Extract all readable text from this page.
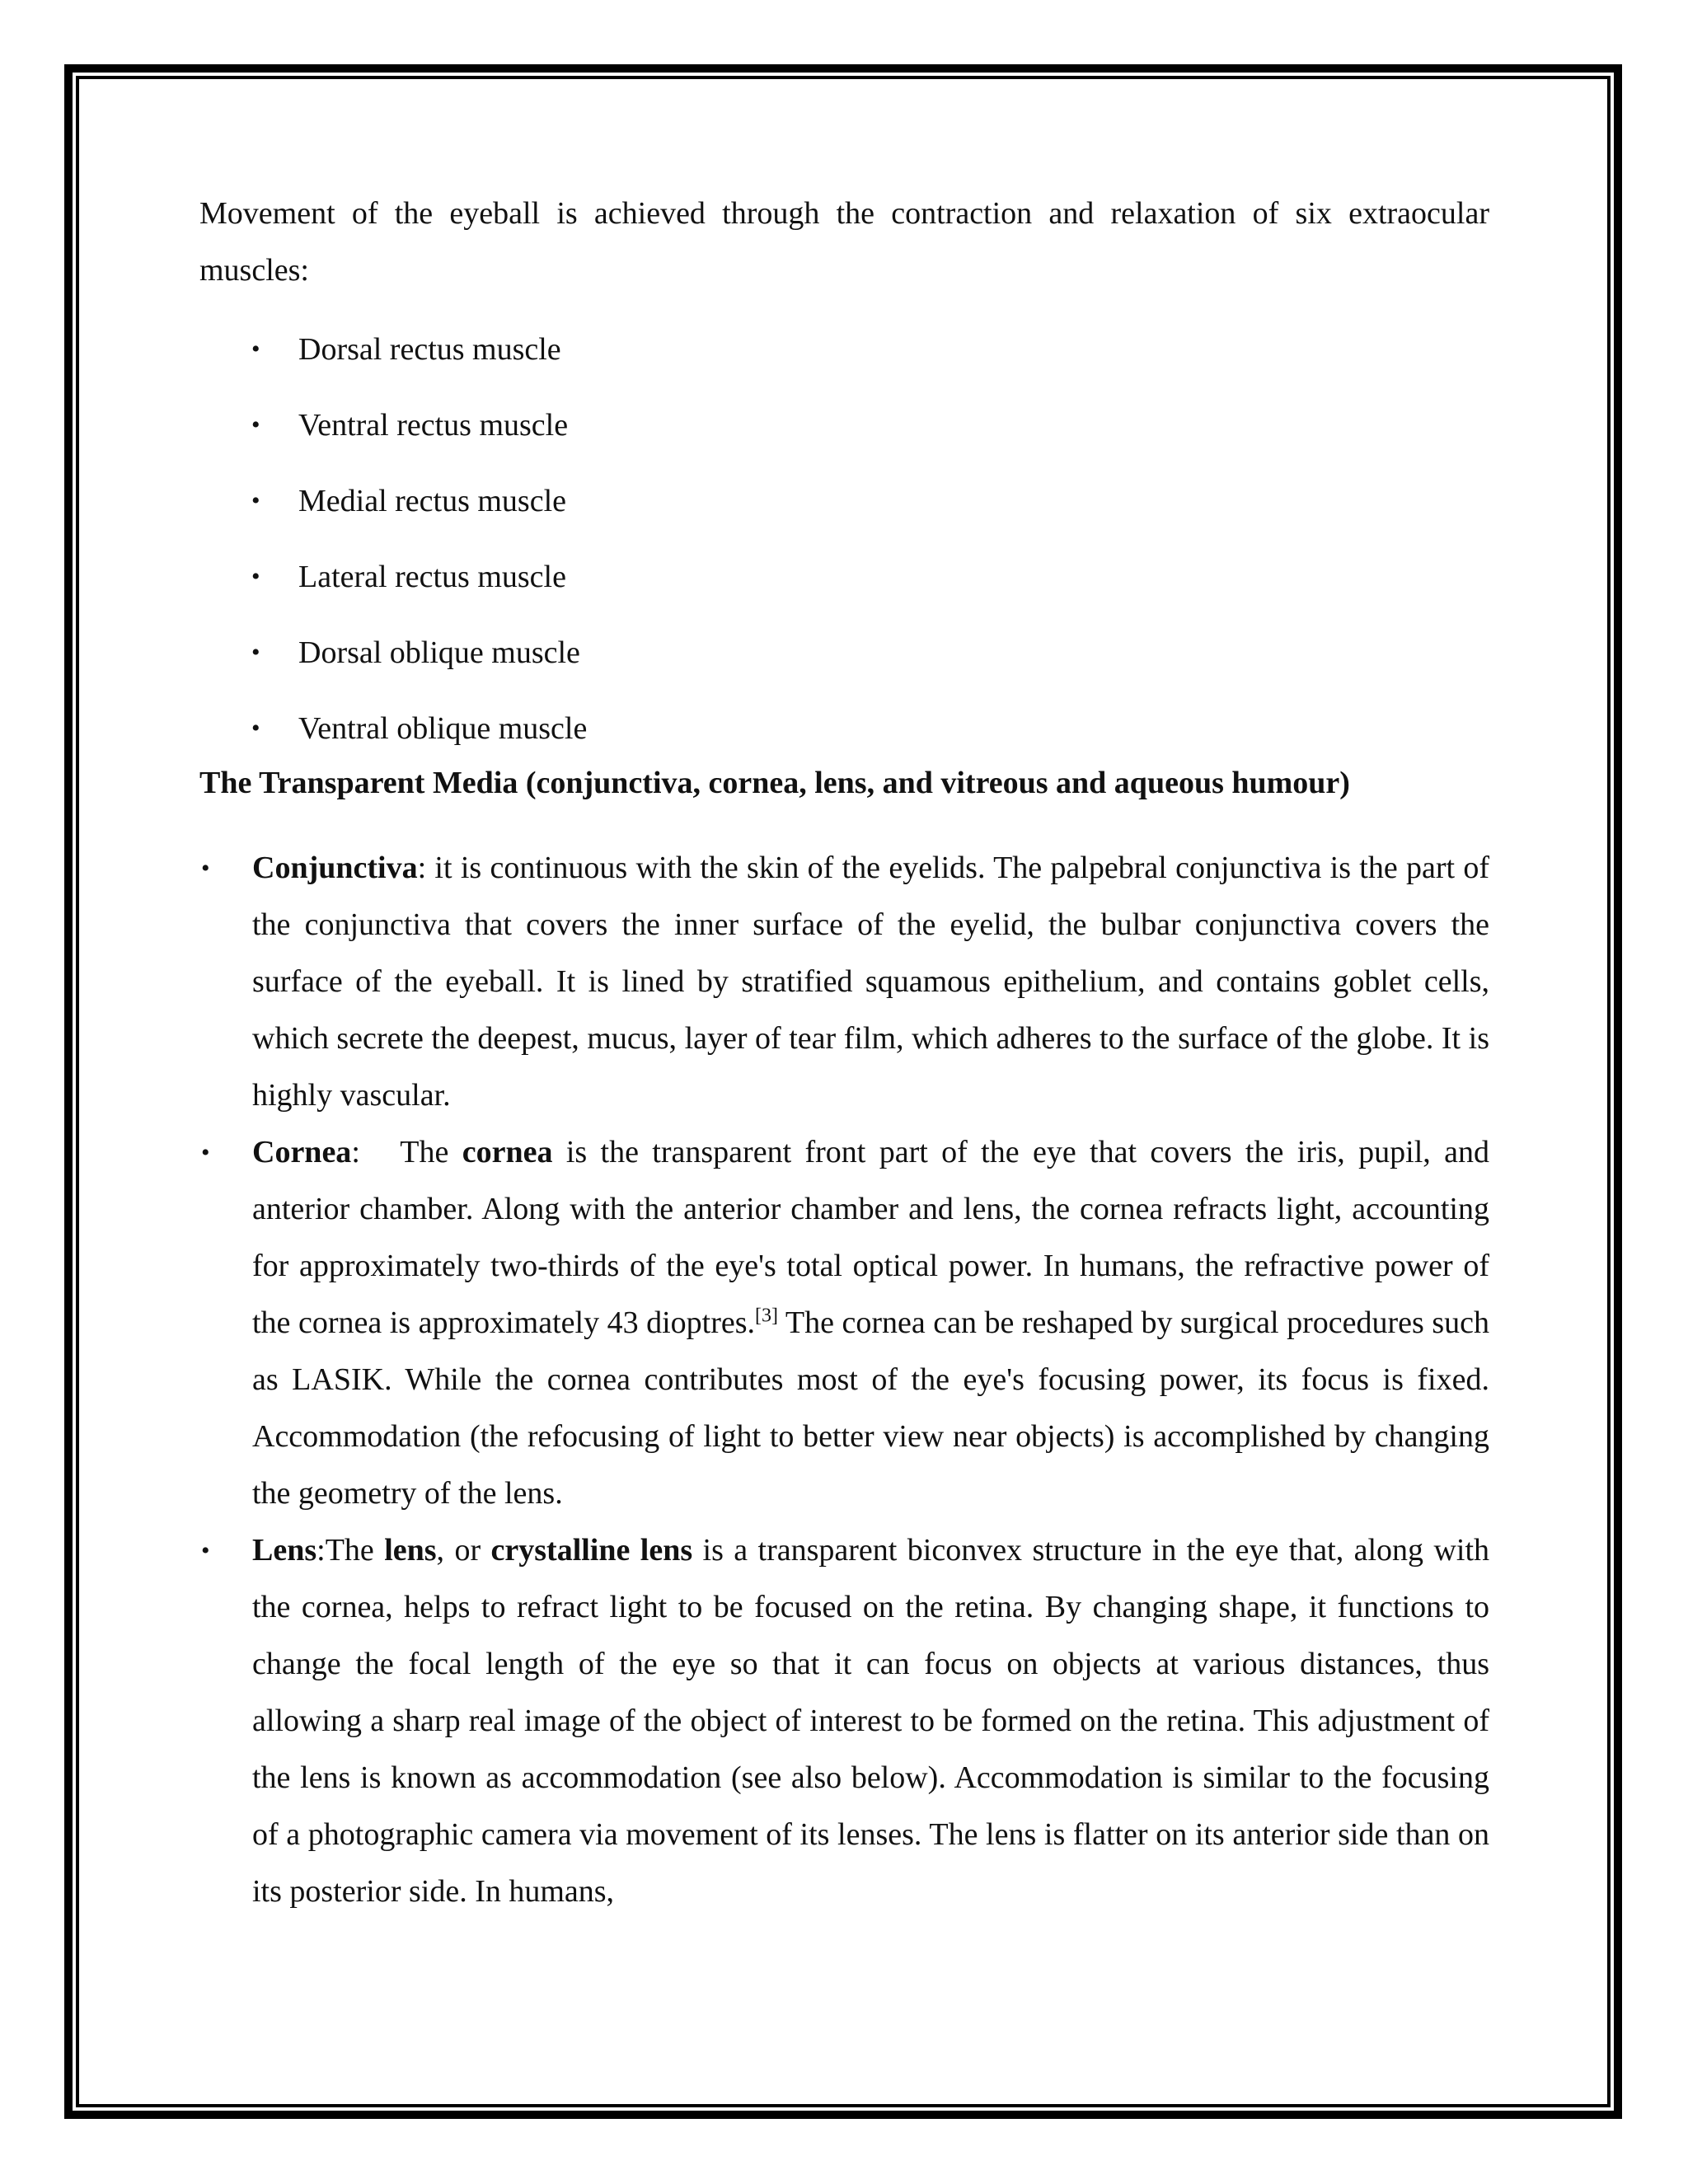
Movement of the eyeball is achieved through the contraction and relaxation of six extraocular muscles:

• Dorsal rectus muscle
• Ventral rectus muscle
• Medial rectus muscle
• Lateral rectus muscle
• Dorsal oblique muscle
• Ventral oblique muscle

The Transparent Media (conjunctiva, cornea, lens, and vitreous and aqueous humour)

• Conjunctiva: it is continuous with the skin of the eyelids. The palpebral conjunctiva is the part of the conjunctiva that covers the inner surface of the eyelid, the bulbar conjunctiva covers the surface of the eyeball. It is lined by stratified squamous epithelium, and contains goblet cells, which secrete the deepest, mucus, layer of tear film, which adheres to the surface of the globe. It is highly vascular.
• Cornea:   The cornea is the transparent front part of the eye that covers the iris, pupil, and anterior chamber. Along with the anterior chamber and lens, the cornea refracts light, accounting for approximately two-thirds of the eye's total optical power. In humans, the refractive power of the cornea is approximately 43 dioptres.[3] The cornea can be reshaped by surgical procedures such as LASIK. While the cornea contributes most of the eye's focusing power, its focus is fixed. Accommodation (the refocusing of light to better view near objects) is accomplished by changing the geometry of the lens.
• Lens:The lens, or crystalline lens is a transparent biconvex structure in the eye that, along with the cornea, helps to refract light to be focused on the retina. By changing shape, it functions to change the focal length of the eye so that it can focus on objects at various distances, thus allowing a sharp real image of the object of interest to be formed on the retina. This adjustment of the lens is known as accommodation (see also below). Accommodation is similar to the focusing of a photographic camera via movement of its lenses. The lens is flatter on its anterior side than on its posterior side. In humans,
